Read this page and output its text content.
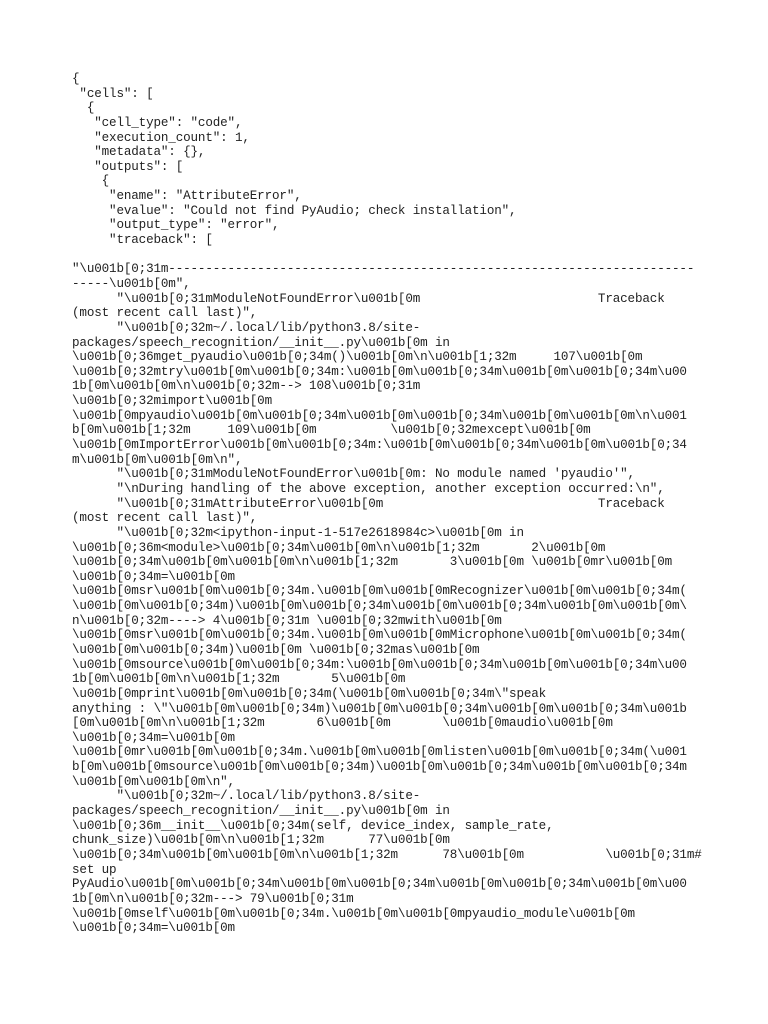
{
"cells": [
{
"cell_type": "code",
"execution_count": 1,
"metadata": {},
"outputs": [
{
"ename": "AttributeError",
"evalue": "Could not find PyAudio; check installation",
"output_type": "error",
"traceback": [
"\u001b[0;31m-----------------------------------------------------------------------
-----\u001b[0m",
"\u001b[0;31mModuleNotFoundError\u001b[0m                        Traceback
(most recent call last)",
"\u001b[0;32m~/.local/lib/python3.8/site-
packages/speech_recognition/__init__.py\u001b[0m in
\u001b[0;36mget_pyaudio\u001b[0;34m()\u001b[0m\n\u001b[1;32m     107\u001b[0m
\u001b[0;32mtry\u001b[0m\u001b[0;34m:\u001b[0m\u001b[0;34m\u001b[0m\u001b[0;34m\u00
1b[0m\u001b[0m\n\u001b[0;32m--> 108\u001b[0;31m
\u001b[0;32mimport\u001b[0m
\u001b[0mpyaudio\u001b[0m\u001b[0;34m\u001b[0m\u001b[0;34m\u001b[0m\u001b[0m\n\u001
b[0m\u001b[1;32m     109\u001b[0m          \u001b[0;32mexcept\u001b[0m
\u001b[0mImportError\u001b[0m\u001b[0;34m:\u001b[0m\u001b[0;34m\u001b[0m\u001b[0;34
m\u001b[0m\u001b[0m\n",
"\u001b[0;31mModuleNotFoundError\u001b[0m: No module named 'pyaudio'",
"\nDuring handling of the above exception, another exception occurred:\n",
"\u001b[0;31mAttributeError\u001b[0m                             Traceback
(most recent call last)",
"\u001b[0;32m<ipython-input-1-517e2618984c>\u001b[0m in
\u001b[0;36m<module>\u001b[0;34m\u001b[0m\n\u001b[1;32m       2\u001b[0m
\u001b[0;34m\u001b[0m\u001b[0m\n\u001b[1;32m       3\u001b[0m \u001b[0mr\u001b[0m
\u001b[0;34m=\u001b[0m
\u001b[0msr\u001b[0m\u001b[0;34m.\u001b[0m\u001b[0mRecognizer\u001b[0m\u001b[0;34m(
\u001b[0m\u001b[0;34m)\u001b[0m\u001b[0;34m\u001b[0m\u001b[0;34m\u001b[0m\u001b[0m\
n\u001b[0;32m----> 4\u001b[0;31m \u001b[0;32mwith\u001b[0m
\u001b[0msr\u001b[0m\u001b[0;34m.\u001b[0m\u001b[0mMicrophone\u001b[0m\u001b[0;34m(
\u001b[0m\u001b[0;34m)\u001b[0m \u001b[0;32mas\u001b[0m
\u001b[0msource\u001b[0m\u001b[0;34m:\u001b[0m\u001b[0;34m\u001b[0m\u001b[0;34m\u00
1b[0m\u001b[0m\n\u001b[1;32m       5\u001b[0m
\u001b[0mprint\u001b[0m\u001b[0;34m(\u001b[0m\u001b[0;34m\"speak
anything : \"\u001b[0m\u001b[0;34m)\u001b[0m\u001b[0;34m\u001b[0m\u001b[0;34m\u001b
[0m\u001b[0m\n\u001b[1;32m       6\u001b[0m       \u001b[0maudio\u001b[0m
\u001b[0;34m=\u001b[0m
\u001b[0mr\u001b[0m\u001b[0;34m.\u001b[0m\u001b[0mlisten\u001b[0m\u001b[0;34m(\u001
b[0m\u001b[0msource\u001b[0m\u001b[0;34m)\u001b[0m\u001b[0;34m\u001b[0m\u001b[0;34m
\u001b[0m\u001b[0m\n",
"\u001b[0;32m~/.local/lib/python3.8/site-
packages/speech_recognition/__init__.py\u001b[0m in
\u001b[0;36m__init__\u001b[0;34m(self, device_index, sample_rate,
chunk_size)\u001b[0m\n\u001b[1;32m      77\u001b[0m
\u001b[0;34m\u001b[0m\u001b[0m\n\u001b[1;32m      78\u001b[0m           \u001b[0;31m#
set up
PyAudio\u001b[0m\u001b[0;34m\u001b[0m\u001b[0;34m\u001b[0m\u001b[0;34m\u001b[0m\u00
1b[0m\n\u001b[0;32m---> 79\u001b[0;31m
\u001b[0mself\u001b[0m\u001b[0;34m.\u001b[0m\u001b[0mpyaudio_module\u001b[0m
\u001b[0;34m=\u001b[0m
